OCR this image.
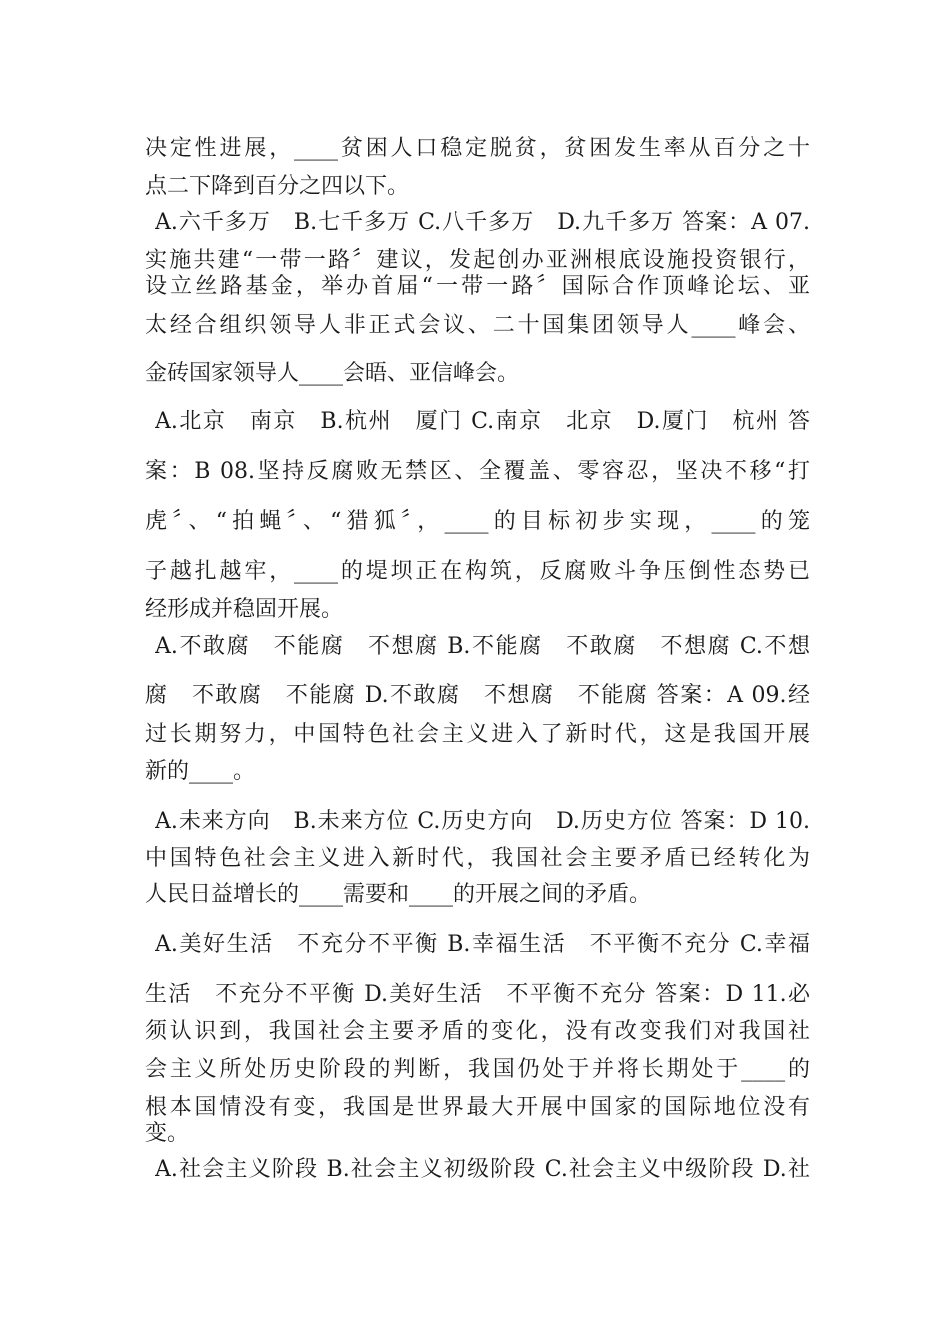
决定性进展，____贫困人口稳定脱贫，贫困发生率从百分之十
点二下降到百分之四以下。
A.六千多万　B.七千多万 C.八千多万　D.九千多万 答案：A 07.
实施共建“一带一路〞建议，发起创办亚洲根底设施投资银行，
设立丝路基金，举办首届“一带一路〞国际合作顶峰论坛、亚
太经合组织领导人非正式会议、二十国集团领导人____峰会、
金砖国家领导人____会晤、亚信峰会。
A.北京　南京　B.杭州　厦门 C.南京　北京　D.厦门　杭州 答
案：B 08.坚持反腐败无禁区、全覆盖、零容忍，坚决不移“打
虎〞、“拍蝇〞、“猎狐〞，____的目标初步实现，____的笼
子越扎越牢，____的堤坝正在构筑，反腐败斗争压倒性态势已
经形成并稳固开展。
A.不敢腐　不能腐　不想腐 B.不能腐　不敢腐　不想腐 C.不想
腐　不敢腐　不能腐 D.不敢腐　不想腐　不能腐 答案：A 09.经
过长期努力，中国特色社会主义进入了新时代，这是我国开展
新的____。
A.未来方向　B.未来方位 C.历史方向　D.历史方位 答案：D 10.
中国特色社会主义进入新时代，我国社会主要矛盾已经转化为
人民日益增长的____需要和____的开展之间的矛盾。
A.美好生活　不充分不平衡 B.幸福生活　不平衡不充分 C.幸福
生活　不充分不平衡 D.美好生活　不平衡不充分 答案：D 11.必
须认识到，我国社会主要矛盾的变化，没有改变我们对我国社
会主义所处历史阶段的判断，我国仍处于并将长期处于____的
根本国情没有变，我国是世界最大开展中国家的国际地位没有
变。
A.社会主义阶段 B.社会主义初级阶段 C.社会主义中级阶段 D.社
